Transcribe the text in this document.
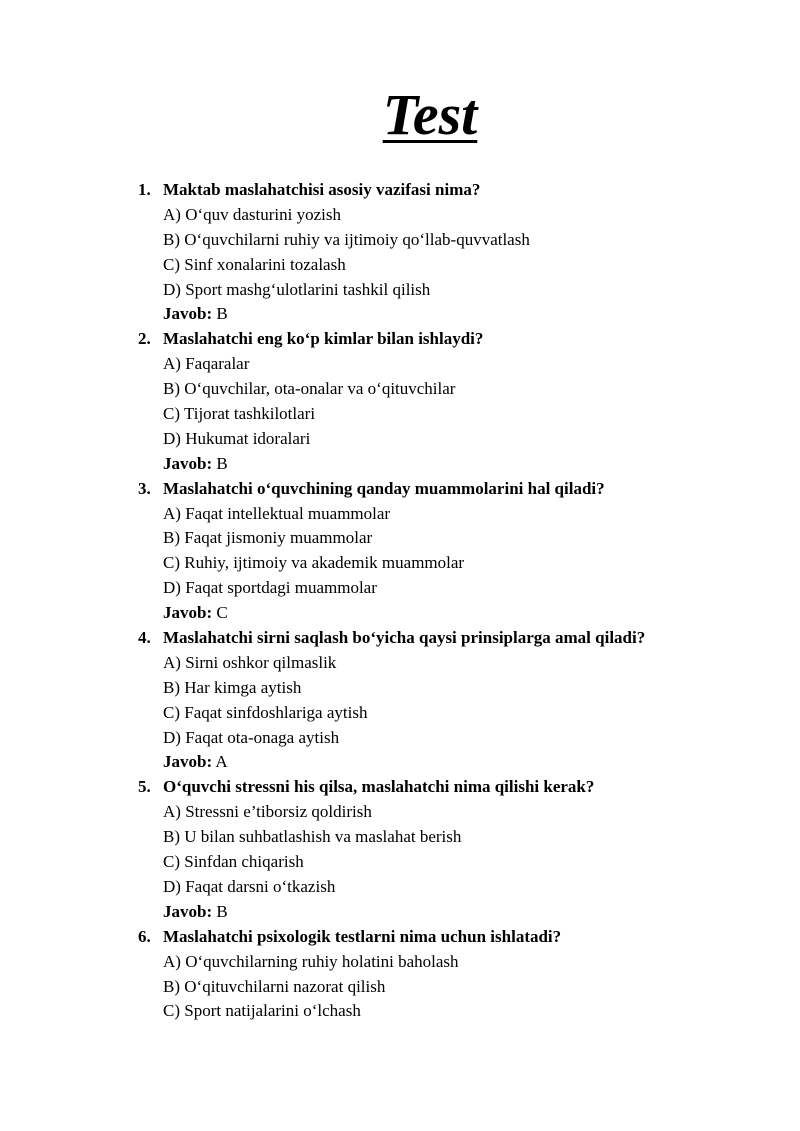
Test
1. Maktab maslahatchisi asosiy vazifasi nima?
A) O‘quv dasturini yozish
B) O‘quvchilarni ruhiy va ijtimoiy qo‘llab-quvvatlash
C) Sinf xonalarini tozalash
D) Sport mashg‘ulotlarini tashkil qilish
Javob: B
2. Maslahatchi eng ko‘p kimlar bilan ishlaydi?
A) Faqaralar
B) O‘quvchilar, ota-onalar va o‘qituvchilar
C) Tijorat tashkilotlari
D) Hukumat idoralari
Javob: B
3. Maslahatchi o‘quvchining qanday muammolarini hal qiladi?
A) Faqat intellektual muammolar
B) Faqat jismoniy muammolar
C) Ruhiy, ijtimoiy va akademik muammolar
D) Faqat sportdagi muammolar
Javob: C
4. Maslahatchi sirni saqlash bo‘yicha qaysi prinsiplarga amal qiladi?
A) Sirni oshkor qilmaslik
B) Har kimga aytish
C) Faqat sinfdoshlariga aytish
D) Faqat ota-onaga aytish
Javob: A
5. O‘quvchi stressni his qilsa, maslahatchi nima qilishi kerak?
A) Stressni e’tiborsiz qoldirish
B) U bilan suhbatlashish va maslahat berish
C) Sinfdan chiqarish
D) Faqat darsni o‘tkazish
Javob: B
6. Maslahatchi psixologik testlarni nima uchun ishlatadi?
A) O‘quvchilarning ruhiy holatini baholash
B) O‘qituvchilarni nazorat qilish
C) Sport natijalarini o‘lchash
